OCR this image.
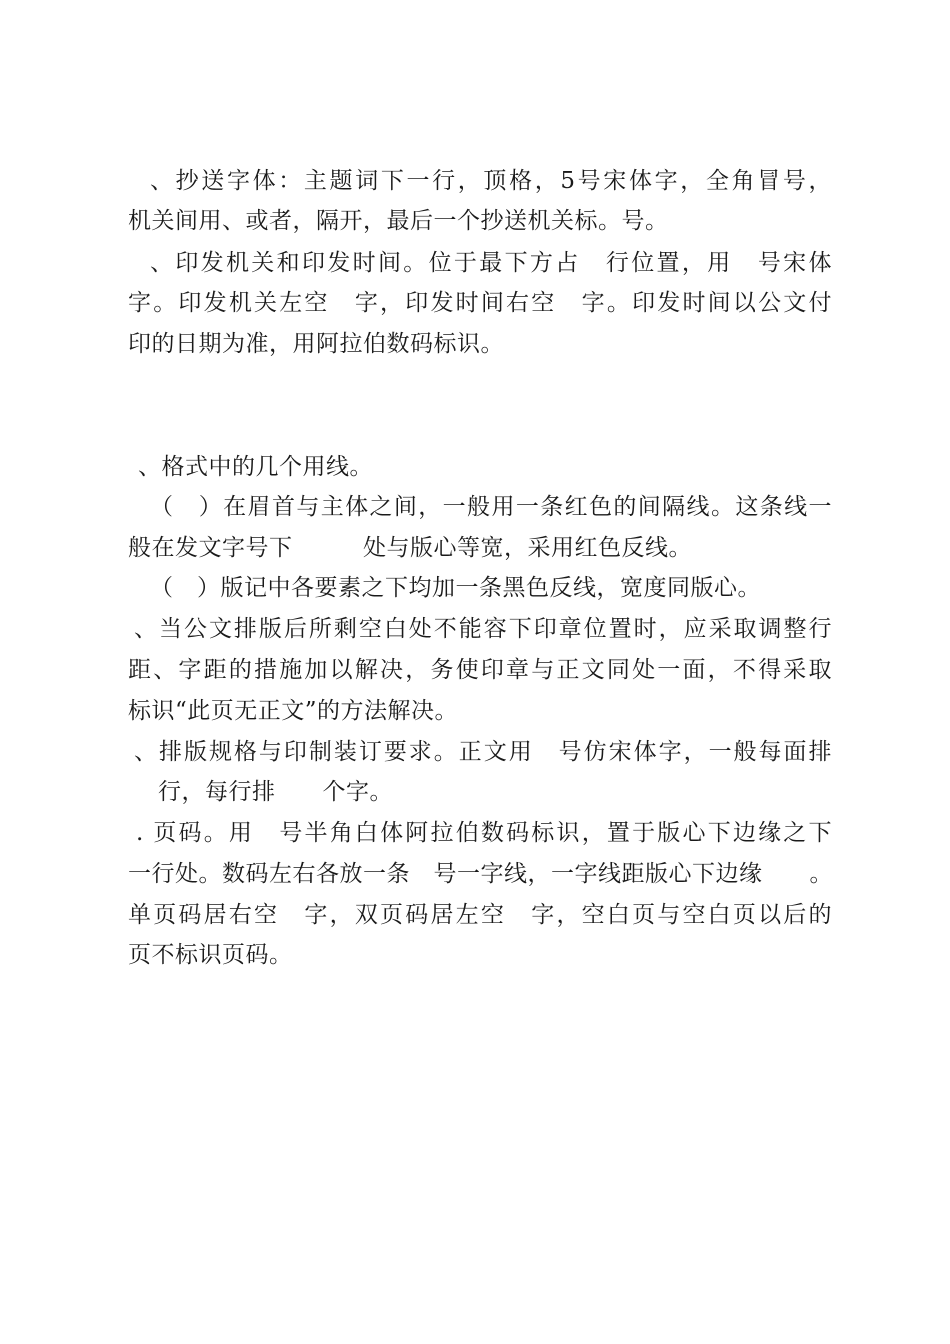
、抄送字体：主题词下一行，顶格，5号宋体字，全角冒号，
机关间用、或者，隔开，最后一个抄送机关标。号。
、印发机关和印发时间。位于最下方占　行位置，用　号宋体
字。印发机关左空　字，印发时间右空　字。印发时间以公文付
印的日期为准，用阿拉伯数码标识。
、格式中的几个用线。
（　）在眉首与主体之间，一般用一条红色的间隔线。这条线一
般在发文字号下　　　处与版心等宽，采用红色反线。
（　）版记中各要素之下均加一条黑色反线，宽度同版心。
、当公文排版后所剩空白处不能容下印章位置时，应采取调整行
距、字距的措施加以解决，务使印章与正文同处一面，不得采取
标识“此页无正文”的方法解决。
、排版规格与印制装订要求。正文用　号仿宋体字，一般每面排
行，每行排　　个字。
. 页码。用　号半角白体阿拉伯数码标识，置于版心下边缘之下
一行处。数码左右各放一条　号一字线，一字线距版心下边缘　　。
单页码居右空　字，双页码居左空　字，空白页与空白页以后的
页不标识页码。
